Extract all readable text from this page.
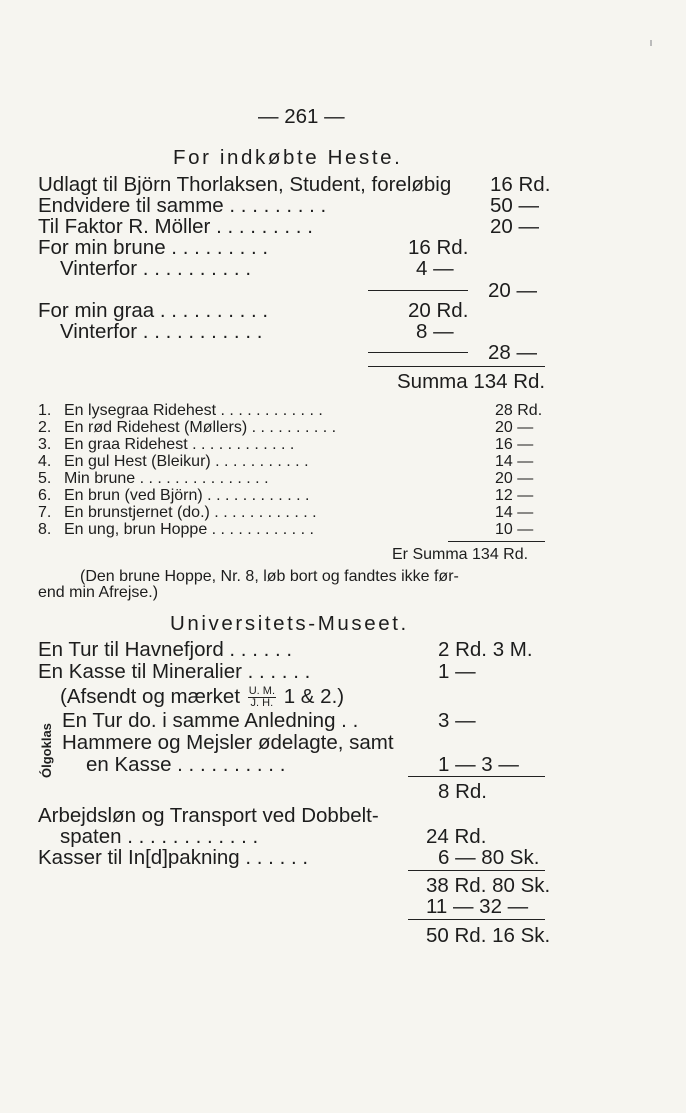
— 261 —
For indkøbte Heste.
Udlagt til Björn Thorlaksen, Student, foreløbig 16 Rd.
Endvidere til samme . . . . . . . . .	50 —
Til Faktor R. Möller . . . . . . . . .	20 —
For min brune . . . . . . . . .	16 Rd.
Vinterfor . . . . . . . . . .	4 —
20 —
For min graa . . . . . . . . . .	20 Rd.
Vinterfor . . . . . . . . . . .	8 —
28 —
Summa 134 Rd.
1. En lysegraa Ridehest . . . . . . . . . . . .	28 Rd.
2. En rød Ridehest (Møllers) . . . . . . . . . .	20 —
3. En graa Ridehest . . . . . . . . . . . .	16 —
4. En gul Hest (Bleikur) . . . . . . . . . . .	14 —
5. Min brune . . . . . . . . . . . . . . .	20 —
6. En brun (ved Björn) . . . . . . . . . . . .	12 —
7. En brunstjernet (do.) . . . . . . . . . . . .	14 —
8. En ung, brun Hoppe . . . . . . . . . . . .	10 —
Er Summa 134 Rd.
(Den brune Hoppe, Nr. 8, løb bort og fandtes ikke før-
end min Afrejse.)
Universitets-Museet.
En Tur til Havnefjord . . . . . .	2 Rd. 3 M.
En Kasse til Mineralier . . . . . .	1 —
(Afsendt og mærket $\frac{U. M.}{J. H.} 1$ & 2.)
En Tur do. i samme Anledning . .	3 —
Hammere og Mejsler ødelagte, samt
en Kasse . . . . . . . . . .	1 — 3 —
Ólgoklas
8 Rd.
Arbejdsløn og Transport ved Dobbelt-
spaten . . . . . . . . . . . .	24 Rd.
Kasser til In[d]pakning . . . . . .	6 — 80 Sk.
38 Rd. 80 Sk.
11 — 32 —
50 Rd. 16 Sk.
